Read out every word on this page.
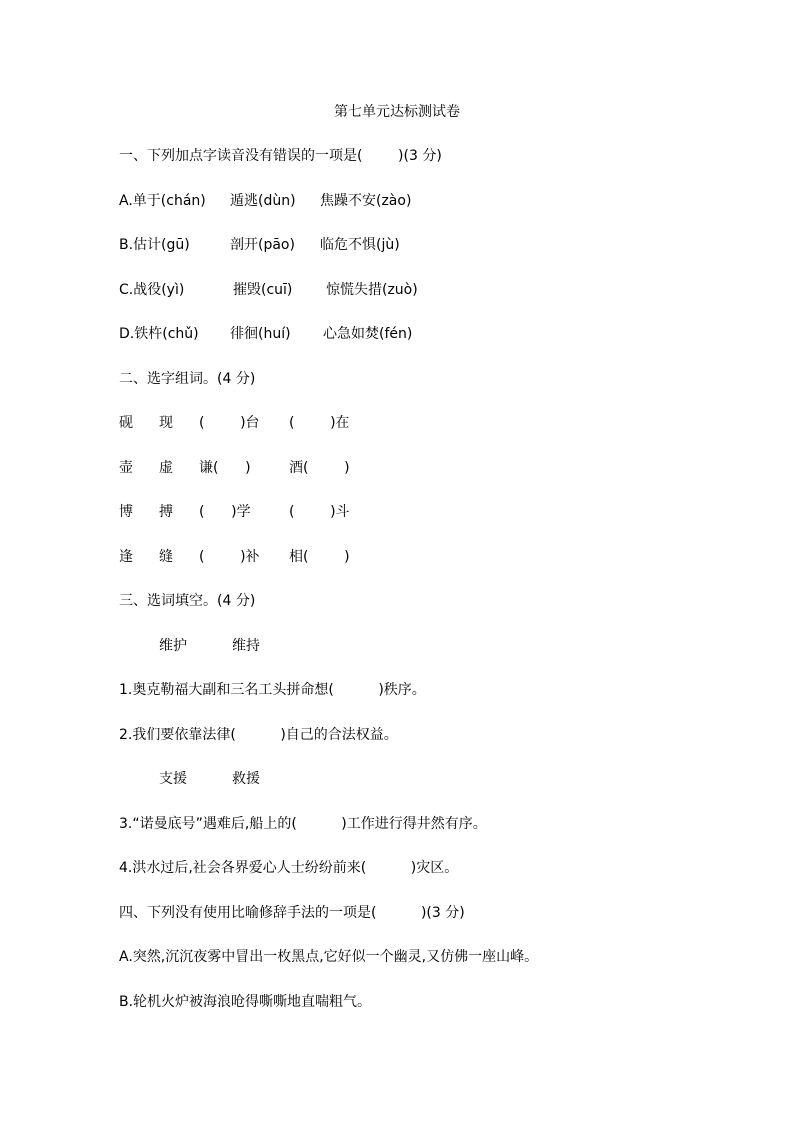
第七单元达标测试卷
一、下列加点字读音没有错误的一项是(        )(3 分)
A.单于(chán) 遁逃(dùn) 焦躁不安(zào)
B.估计(gū)	剖开(pāo) 临危不惧(jù)
C.战役(yì)	摧毁(cuī) 惊慌失措(zuò)
D.铁杵(chǔ) 徘徊(huí) 心急如焚(fén)
二、选字组词。(4 分)
砚 现 (        )台 (        )在
壶 虚 谦(      )	酒(        )
博 搏 (      )学	(        )斗
逢 缝 (        )补 相(        )
三、选词填空。(4 分)
维护	维持
1.奥克勒福大副和三名工头拼命想(          )秩序。
2.我们要依靠法律(          )自己的合法权益。
支援	救援
3.“诺曼底号”遇难后,船上的(          )工作进行得井然有序。
4.洪水过后,社会各界爱心人士纷纷前来(          )灾区。
四、下列没有使用比喻修辞手法的一项是(          )(3 分)
A.突然,沉沉夜雾中冒出一枚黑点,它好似一个幽灵,又仿佛一座山峰。
B.轮机火炉被海浪呛得嘶嘶地直喘粗气。
